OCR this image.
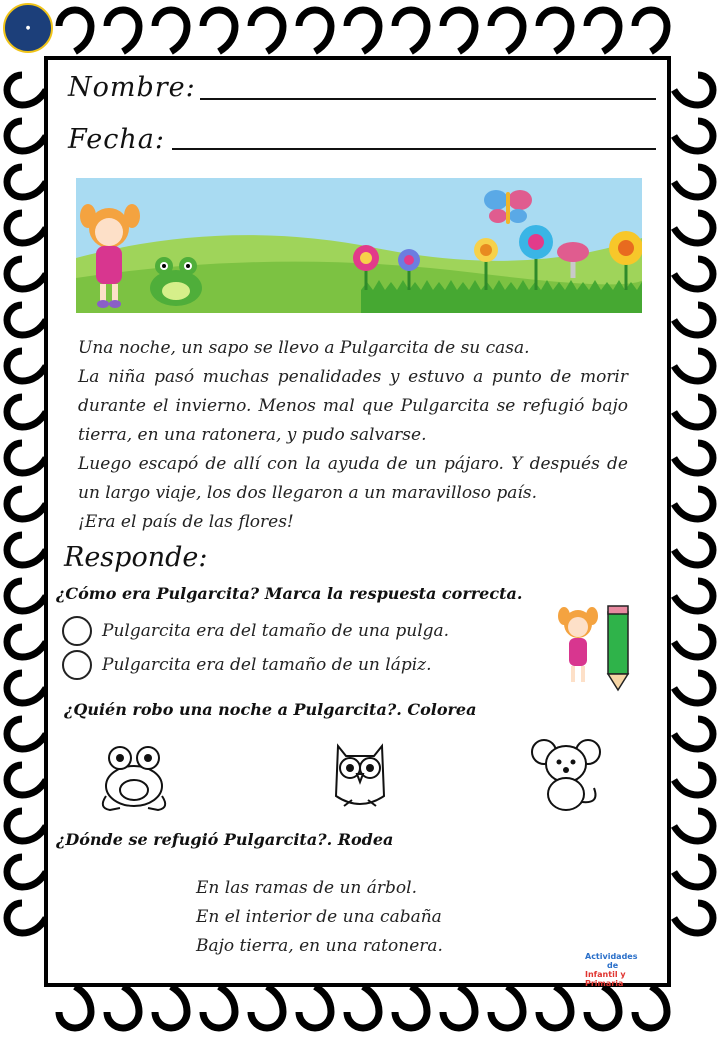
●
Nombre:
Fecha:

Una noche, un sapo se llevo a Pulgarcita de su casa.

La niña pasó muchas penalidades y estuvo a punto de morir durante el invierno. Menos mal que Pulgarcita se refugió bajo tierra, en una ratonera, y pudo salvarse.

Luego escapó de allí con la ayuda de un pájaro. Y después de un largo viaje, los dos llegaron a un maravilloso país.

¡Era el país de las flores!

Responde:
¿Cómo era Pulgarcita? Marca la respuesta correcta.
Pulgarcita era del tamaño de una pulga.
Pulgarcita era del tamaño de un lápiz.
¿Quién robo una noche a Pulgarcita?. Colorea
¿Dónde se refugió Pulgarcita?. Rodea
En las ramas de un árbol.
En el interior de una cabaña
Bajo tierra, en una ratonera.
Actividades
de
Infantil y Primaria
